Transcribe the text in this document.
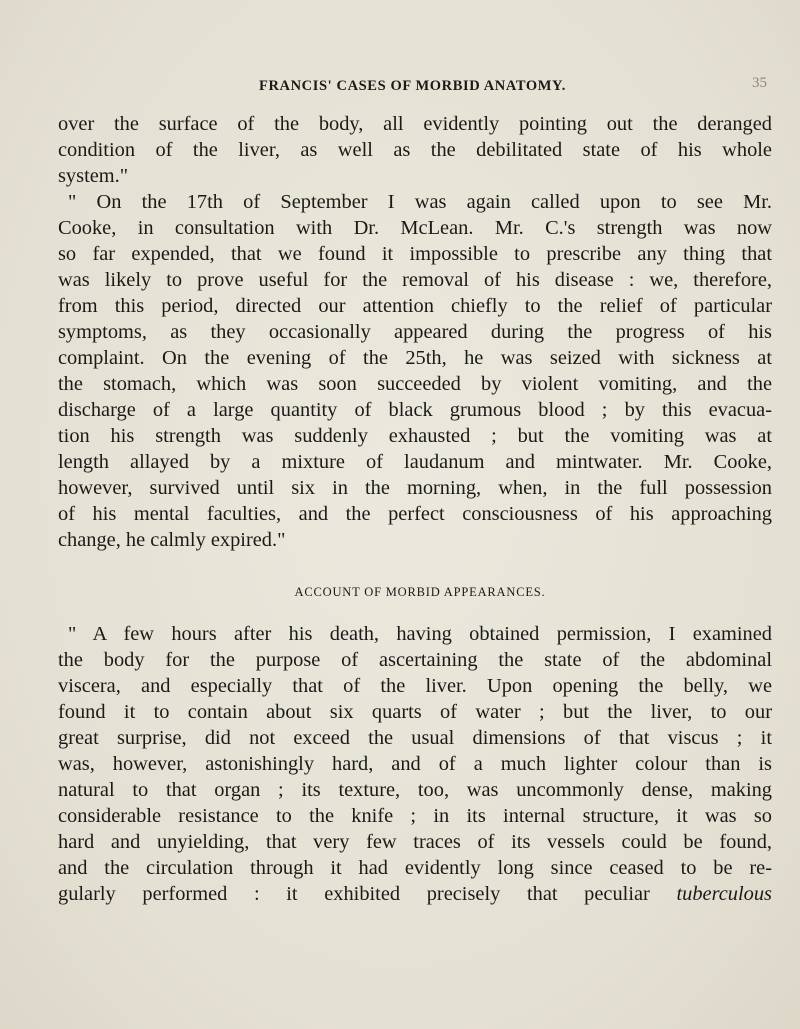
FRANCIS' CASES OF MORBID ANATOMY.	35
over the surface of the body, all evidently pointing out the deranged
condition of the liver, as well as the debilitated state of his whole
system."
" On the 17th of September I was again called upon to see Mr.
Cooke, in consultation with Dr. McLean. Mr. C.'s strength was now
so far expended, that we found it impossible to prescribe any thing that
was likely to prove useful for the removal of his disease : we, therefore,
from this period, directed our attention chiefly to the relief of particular
symptoms, as they occasionally appeared during the progress of his
complaint. On the evening of the 25th, he was seized with sickness at
the stomach, which was soon succeeded by violent vomiting, and the
discharge of a large quantity of black grumous blood ; by this evacua-
tion his strength was suddenly exhausted ; but the vomiting was at
length allayed by a mixture of laudanum and mintwater. Mr. Cooke,
however, survived until six in the morning, when, in the full possession
of his mental faculties, and the perfect consciousness of his approaching
change, he calmly expired."
ACCOUNT OF MORBID APPEARANCES.
" A few hours after his death, having obtained permission, I examined
the body for the purpose of ascertaining the state of the abdominal
viscera, and especially that of the liver. Upon opening the belly, we
found it to contain about six quarts of water ; but the liver, to our
great surprise, did not exceed the usual dimensions of that viscus ; it
was, however, astonishingly hard, and of a much lighter colour than is
natural to that organ ; its texture, too, was uncommonly dense, making
considerable resistance to the knife ; in its internal structure, it was so
hard and unyielding, that very few traces of its vessels could be found,
and the circulation through it had evidently long since ceased to be re-
gularly performed : it exhibited precisely that peculiar tuberculous
